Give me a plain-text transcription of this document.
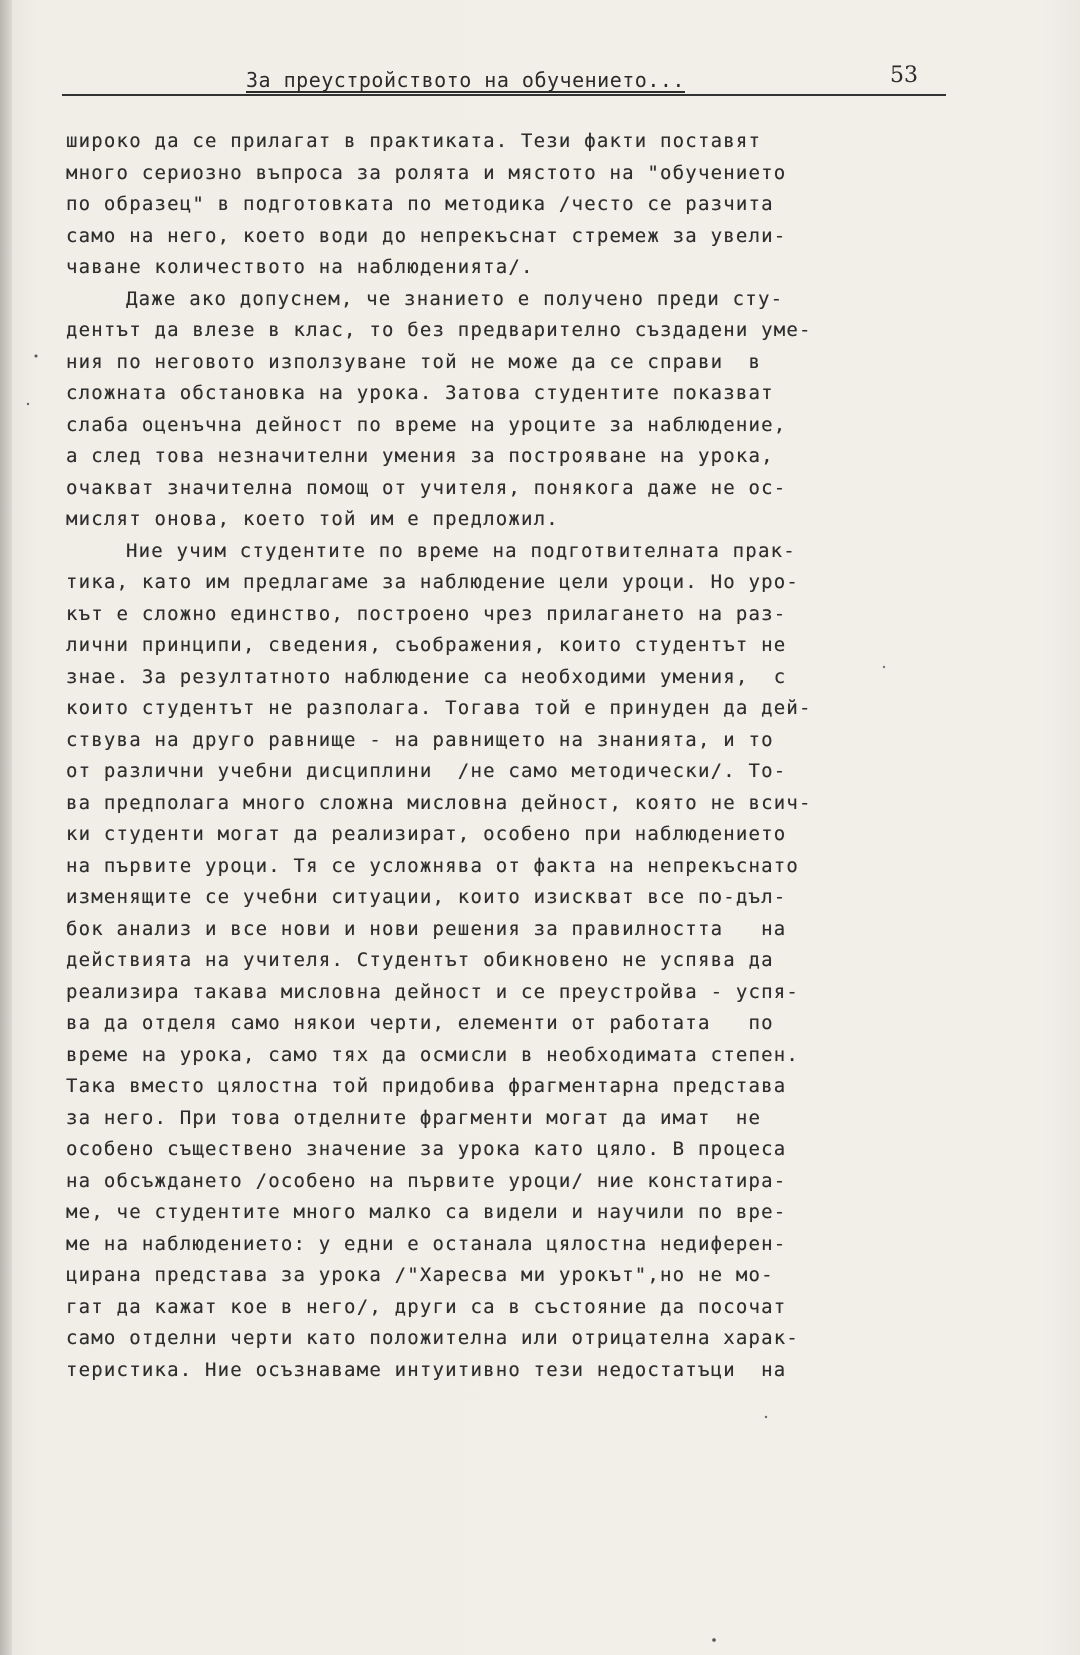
За преустройството на обучението...	53
широко да се прилагат в практиката. Тези факти поставят
много сериозно въпроса за ролята и мястото на "обучението
по образец" в подготовката по методика /често се разчита
само на него, което води до непрекъснат стремеж за увели-
чаване количеството на наблюденията/.
Даже ако допуснем, че знанието е получено преди сту-
дентът да влезе в клас, то без предварително създадени уме-
ния по неговото използуване той не може да се справи  в
сложната обстановка на урока. Затова студентите показват
слаба оценъчна дейност по време на уроците за наблюдение,
а след това незначителни умения за построяване на урока,
очакват значителна помощ от учителя, понякога даже не ос-
мислят онова, което той им е предложил.
Ние учим студентите по време на подготвителната прак-
тика, като им предлагаме за наблюдение цели уроци. Но уро-
кът е сложно единство, построено чрез прилагането на раз-
лични принципи, сведения, съображения, които студентът не
знае. За резултатното наблюдение са необходими умения,  с
които студентът не разполага. Тогава той е принуден да дей-
ствува на друго равнище - на равнището на знанията, и то
от различни учебни дисциплини  /не само методически/. То-
ва предполага много сложна мисловна дейност, която не всич-
ки студенти могат да реализират, особено при наблюдението
на първите уроци. Тя се усложнява от факта на непрекъснато
изменящите се учебни ситуации, които изискват все по-дъл-
бок анализ и все нови и нови решения за правилността   на
действията на учителя. Студентът обикновено не успява да
реализира такава мисловна дейност и се преустройва - успя-
ва да отделя само някои черти, елементи от работата   по
време на урока, само тях да осмисли в необходимата степен.
Така вместо цялостна той придобива фрагментарна представа
за него. При това отделните фрагменти могат да имат  не
особено съществено значение за урока като цяло. В процеса
на обсъждането /особено на първите уроци/ ние констатира-
ме, че студентите много малко са видели и научили по вре-
ме на наблюдението: у едни е останала цялостна недиферен-
цирана представа за урока /"Харесва ми урокът",но не мо-
гат да кажат кое в него/, други са в състояние да посочат
само отделни черти като положителна или отрицателна харак-
теристика. Ние осъзнаваме интуитивно тези недостатъци  на
